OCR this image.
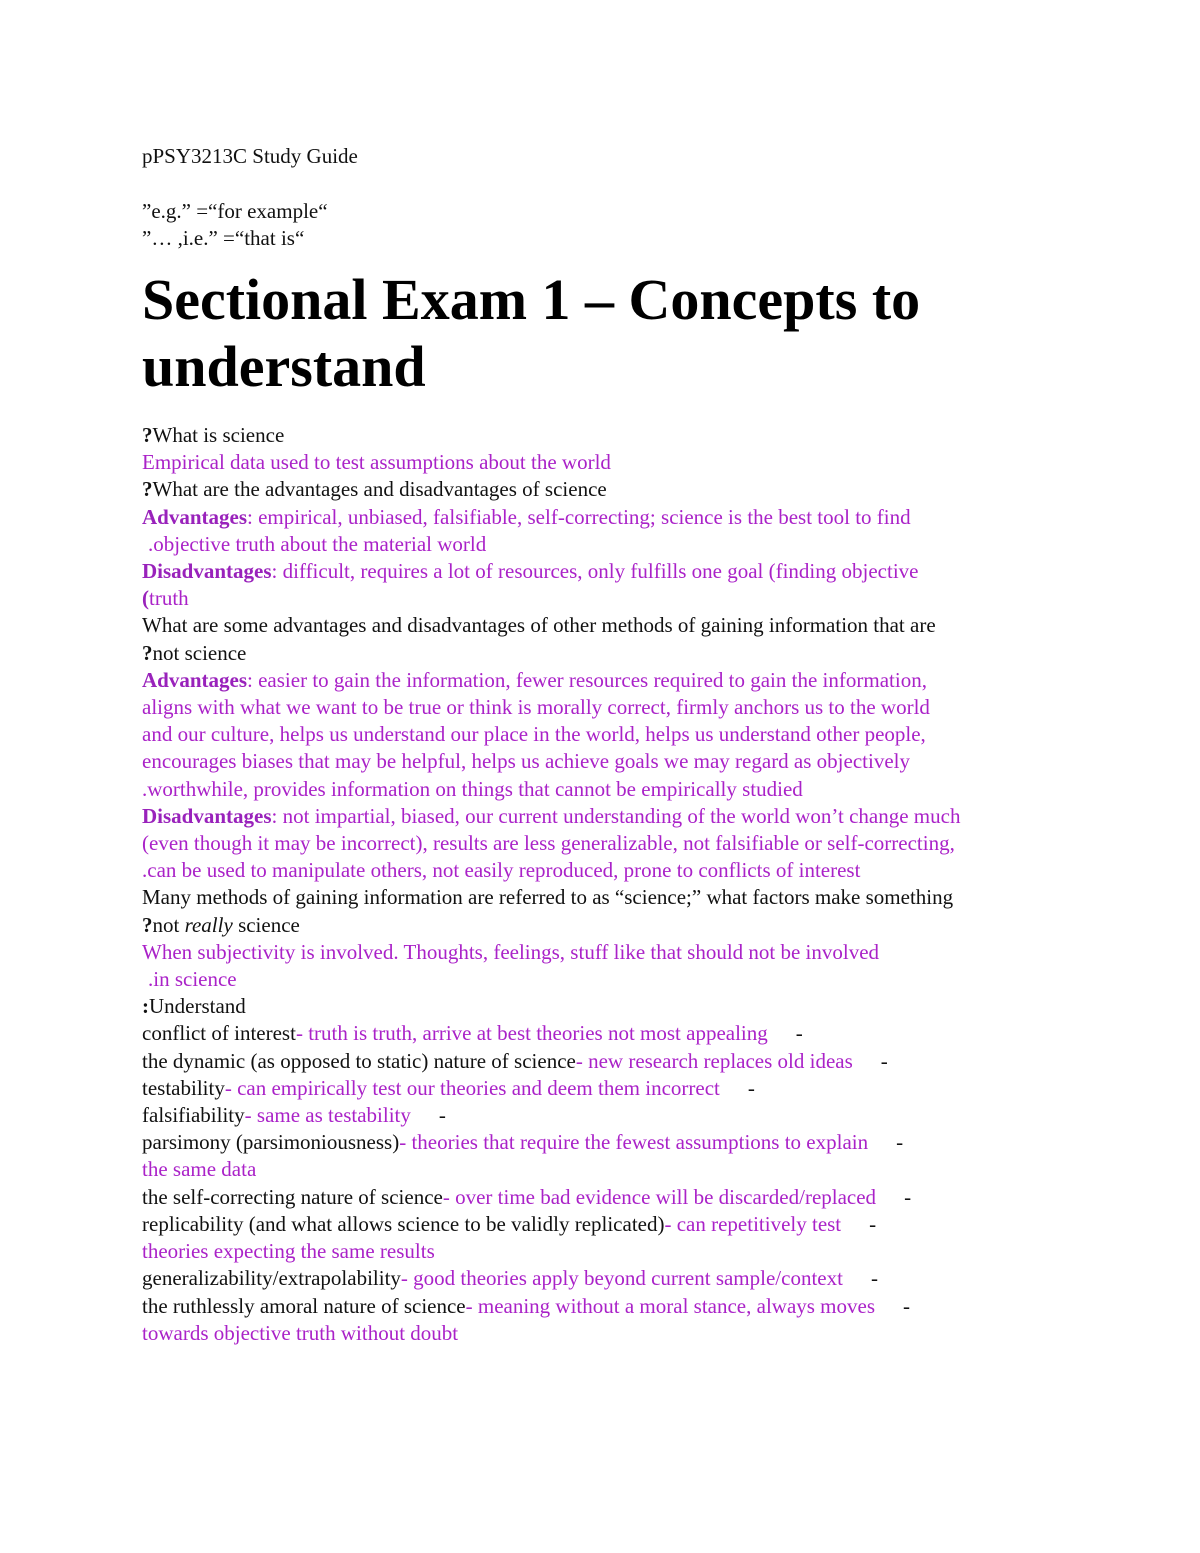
pPSY3213C Study Guide

”e.g.” =“for example“

”… ,i.e.” =“that is“

Sectional Exam 1 – Concepts to
understand

?What is science

Empirical data used to test assumptions about the world

?What are the advantages and disadvantages of science

Advantages: empirical, unbiased, falsifiable, self-correcting; science is the best tool to find

.objective truth about the material world

Disadvantages: difficult, requires a lot of resources, only fulfills one goal (finding objective

(truth

What are some advantages and disadvantages of other methods of gaining information that are

?not science

Advantages: easier to gain the information, fewer resources required to gain the information,

aligns with what we want to be true or think is morally correct, firmly anchors us to the world

and our culture, helps us understand our place in the world, helps us understand other people,

encourages biases that may be helpful, helps us achieve goals we may regard as objectively

.worthwhile, provides information on things that cannot be empirically studied

Disadvantages: not impartial, biased, our current understanding of the world won’t change much

(even though it may be incorrect), results are less generalizable, not falsifiable or self-correcting,

.can be used to manipulate others, not easily reproduced, prone to conflicts of interest

Many methods of gaining information are referred to as “science;” what factors make something

?not really science

When subjectivity is involved. Thoughts, feelings, stuff like that should not be involved

.in science

:Understand

conflict of interest- truth is truth, arrive at best theories not most appealing -

the dynamic (as opposed to static) nature of science- new research replaces old ideas -

testability- can empirically test our theories and deem them incorrect -

falsifiability- same as testability -

parsimony (parsimoniousness)- theories that require the fewest assumptions to explain -

the same data

the self-correcting nature of science- over time bad evidence will be discarded/replaced -

replicability (and what allows science to be validly replicated)- can repetitively test -

theories expecting the same results

generalizability/extrapolability- good theories apply beyond current sample/context -

the ruthlessly amoral nature of science- meaning without a moral stance, always moves -

towards objective truth without doubt
